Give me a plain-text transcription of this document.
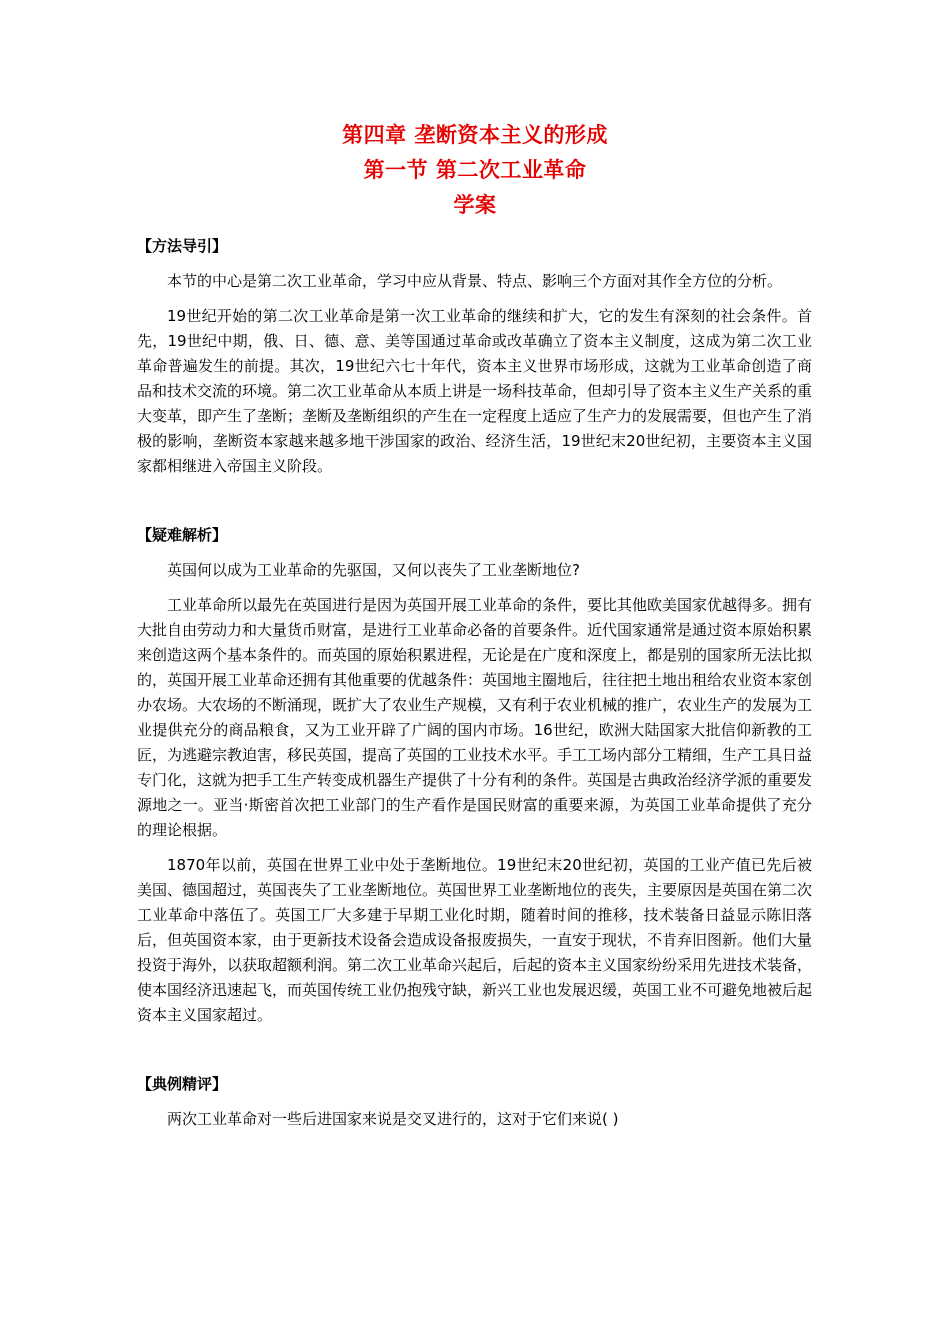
第四章 垄断资本主义的形成
第一节 第二次工业革命
学案
【方法导引】

本节的中心是第二次工业革命，学习中应从背景、特点、影响三个方面对其作全方位的分析。

19世纪开始的第二次工业革命是第一次工业革命的继续和扩大，它的发生有深刻的社会条件。首先，19世纪中期，俄、日、德、意、美等国通过革命或改革确立了资本主义制度，这成为第二次工业革命普遍发生的前提。其次，19世纪六七十年代，资本主义世界市场形成，这就为工业革命创造了商品和技术交流的环境。第二次工业革命从本质上讲是一场科技革命，但却引导了资本主义生产关系的重大变革，即产生了垄断；垄断及垄断组织的产生在一定程度上适应了生产力的发展需要，但也产生了消极的影响，垄断资本家越来越多地干涉国家的政治、经济生活，19世纪末20世纪初，主要资本主义国家都相继进入帝国主义阶段。

【疑难解析】

英国何以成为工业革命的先驱国，又何以丧失了工业垄断地位?

工业革命所以最先在英国进行是因为英国开展工业革命的条件，要比其他欧美国家优越得多。拥有大批自由劳动力和大量货币财富，是进行工业革命必备的首要条件。近代国家通常是通过资本原始积累来创造这两个基本条件的。而英国的原始积累进程，无论是在广度和深度上，都是别的国家所无法比拟的，英国开展工业革命还拥有其他重要的优越条件：英国地主圈地后，往往把土地出租给农业资本家创办农场。大农场的不断涌现，既扩大了农业生产规模，又有利于农业机械的推广，农业生产的发展为工业提供充分的商品粮食，又为工业开辟了广阔的国内市场。16世纪，欧洲大陆国家大批信仰新教的工匠，为逃避宗教迫害，移民英国，提高了英国的工业技术水平。手工工场内部分工精细，生产工具日益专门化，这就为把手工生产转变成机器生产提供了十分有利的条件。英国是古典政治经济学派的重要发源地之一。亚当·斯密首次把工业部门的生产看作是国民财富的重要来源，为英国工业革命提供了充分的理论根据。

1870年以前，英国在世界工业中处于垄断地位。19世纪末20世纪初，英国的工业产值已先后被美国、德国超过，英国丧失了工业垄断地位。英国世界工业垄断地位的丧失，主要原因是英国在第二次工业革命中落伍了。英国工厂大多建于早期工业化时期，随着时间的推移，技术装备日益显示陈旧落后，但英国资本家，由于更新技术设备会造成设备报废损失，一直安于现状，不肯弃旧图新。他们大量投资于海外，以获取超额利润。第二次工业革命兴起后，后起的资本主义国家纷纷采用先进技术装备，使本国经济迅速起飞，而英国传统工业仍抱残守缺，新兴工业也发展迟缓，英国工业不可避免地被后起资本主义国家超过。

【典例精评】

两次工业革命对一些后进国家来说是交叉进行的，这对于它们来说( )
